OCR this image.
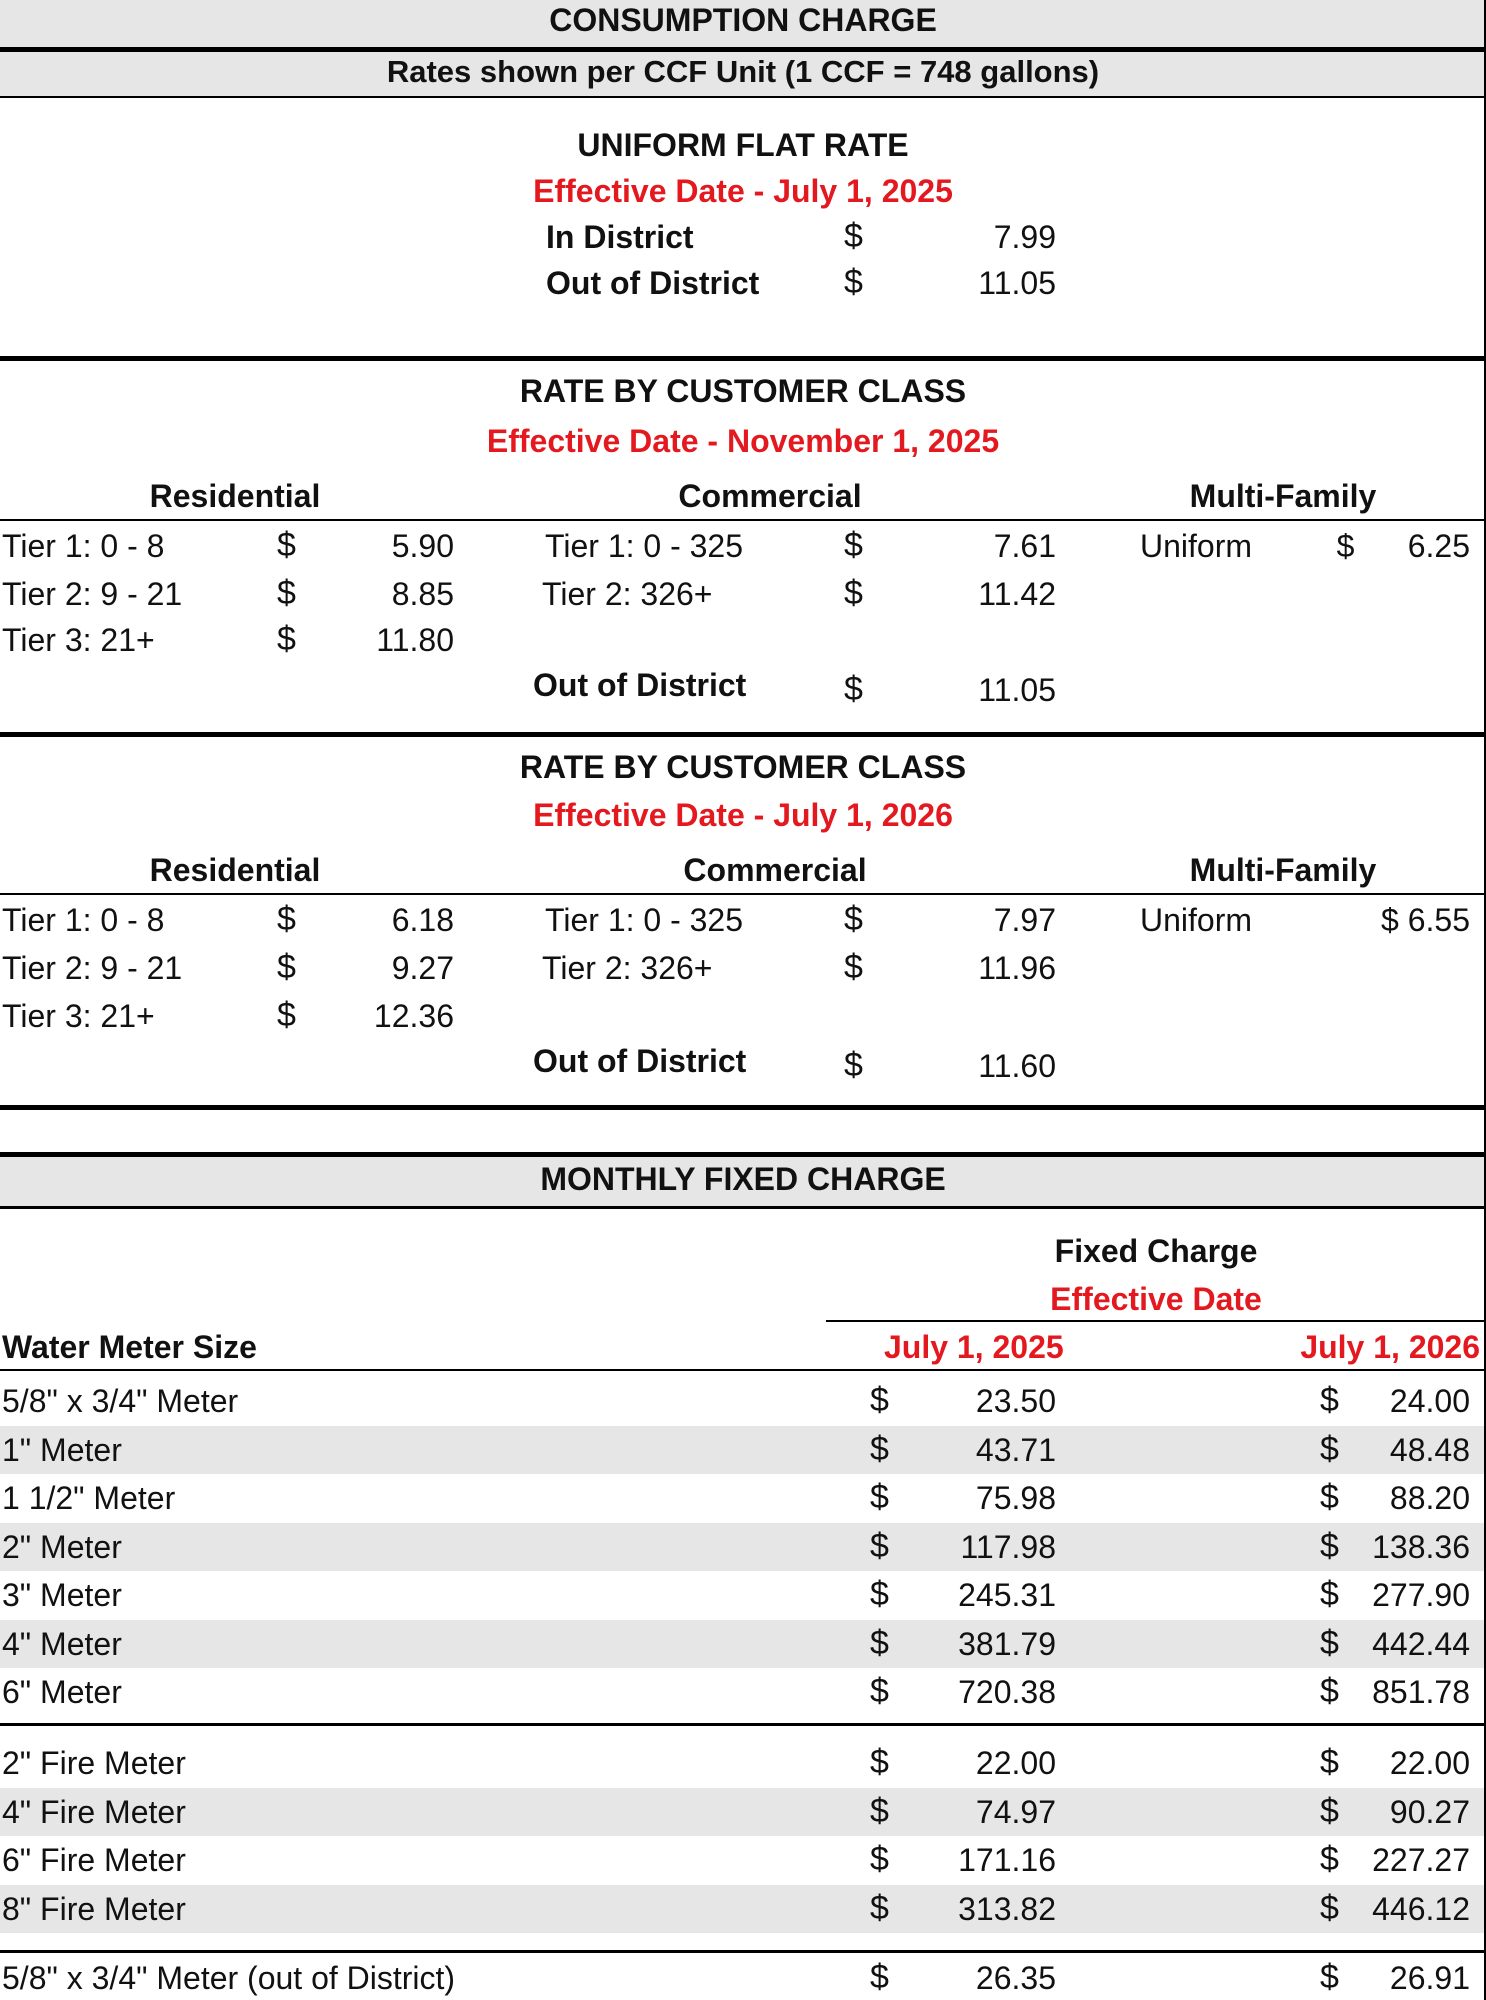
CONSUMPTION CHARGE
Rates shown per CCF Unit (1 CCF = 748 gallons)
UNIFORM FLAT RATE
Effective Date - July 1, 2025
In District	$	7.99
Out of District $	11.05
RATE BY CUSTOMER CLASS
Effective Date - November 1, 2025
Residential	Commercial	Multi-Family
Tier 1: 0 - 8	$	5.90
Tier 2: 9 - 21	$	8.85
Tier 3: 21+	$	11.80
Tier 1: 0 - 325	$	7.61
Tier 2: 326+	$	11.42
Uniform	$      6.25
Out of District	$	11.05
RATE BY CUSTOMER CLASS
Effective Date - July 1, 2026
Residential	Commercial	Multi-Family
Tier 1: 0 - 8	$	6.18
Tier 2: 9 - 21	$	9.27
Tier 3: 21+	$	12.36
Tier 1: 0 - 325	$	7.97
Tier 2: 326+	$	11.96
Uniform	$ 6.55
Out of District	$	11.60
MONTHLY FIXED CHARGE
Fixed Charge
Effective Date
Water Meter Size	July 1, 2025	July 1, 2026
5/8" x 3/4" Meter	$	23.50	$	24.00
1" Meter	$	43.71	$	48.48
1 1/2" Meter	$	75.98	$	88.20
2" Meter	$	117.98	$	138.36
3" Meter	$	245.31	$	277.90
4" Meter	$	381.79	$	442.44
6" Meter	$	720.38	$	851.78
2" Fire Meter	$	22.00	$	22.00
4" Fire Meter	$	74.97	$	90.27
6" Fire Meter	$	171.16	$	227.27
8" Fire Meter	$	313.82	$	446.12
5/8" x 3/4" Meter (out of District)	$	26.35	$	26.91
